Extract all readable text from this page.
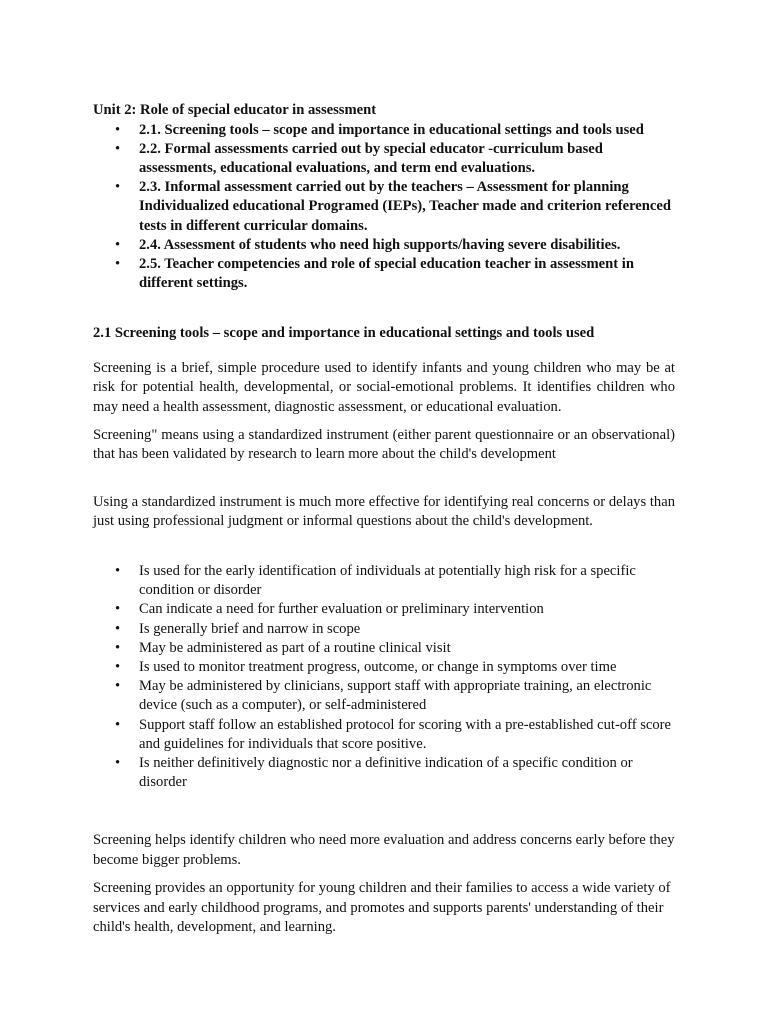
Unit 2: Role of special educator in assessment

• 2.1. Screening tools – scope and importance in educational settings and tools used
• 2.2. Formal assessments carried out by special educator -curriculum based assessments, educational evaluations, and term end evaluations.
• 2.3. Informal assessment carried out by the teachers – Assessment for planning Individualized educational Programed (IEPs), Teacher made and criterion referenced tests in different curricular domains.
• 2.4. Assessment of students who need high supports/having severe disabilities.
• 2.5. Teacher competencies and role of special education teacher in assessment in different settings.

2.1 Screening tools – scope and importance in educational settings and tools used

Screening is a brief, simple procedure used to identify infants and young children who may be at risk for potential health, developmental, or social-emotional problems. It identifies children who may need a health assessment, diagnostic assessment, or educational evaluation.

Screening" means using a standardized instrument (either parent questionnaire or an observational) that has been validated by research to learn more about the child's development

Using a standardized instrument is much more effective for identifying real concerns or delays than just using professional judgment or informal questions about the child's development.

• Is used for the early identification of individuals at potentially high risk for a specific condition or disorder
• Can indicate a need for further evaluation or preliminary intervention
• Is generally brief and narrow in scope
• May be administered as part of a routine clinical visit
• Is used to monitor treatment progress, outcome, or change in symptoms over time
• May be administered by clinicians, support staff with appropriate training, an electronic device (such as a computer), or self-administered
• Support staff follow an established protocol for scoring with a pre-established cut-off score and guidelines for individuals that score positive.
• Is neither definitively diagnostic nor a definitive indication of a specific condition or disorder

Screening helps identify children who need more evaluation and address concerns early before they become bigger problems.

Screening provides an opportunity for young children and their families to access a wide variety of services and early childhood programs, and promotes and supports parents' understanding of their child's health, development, and learning.
